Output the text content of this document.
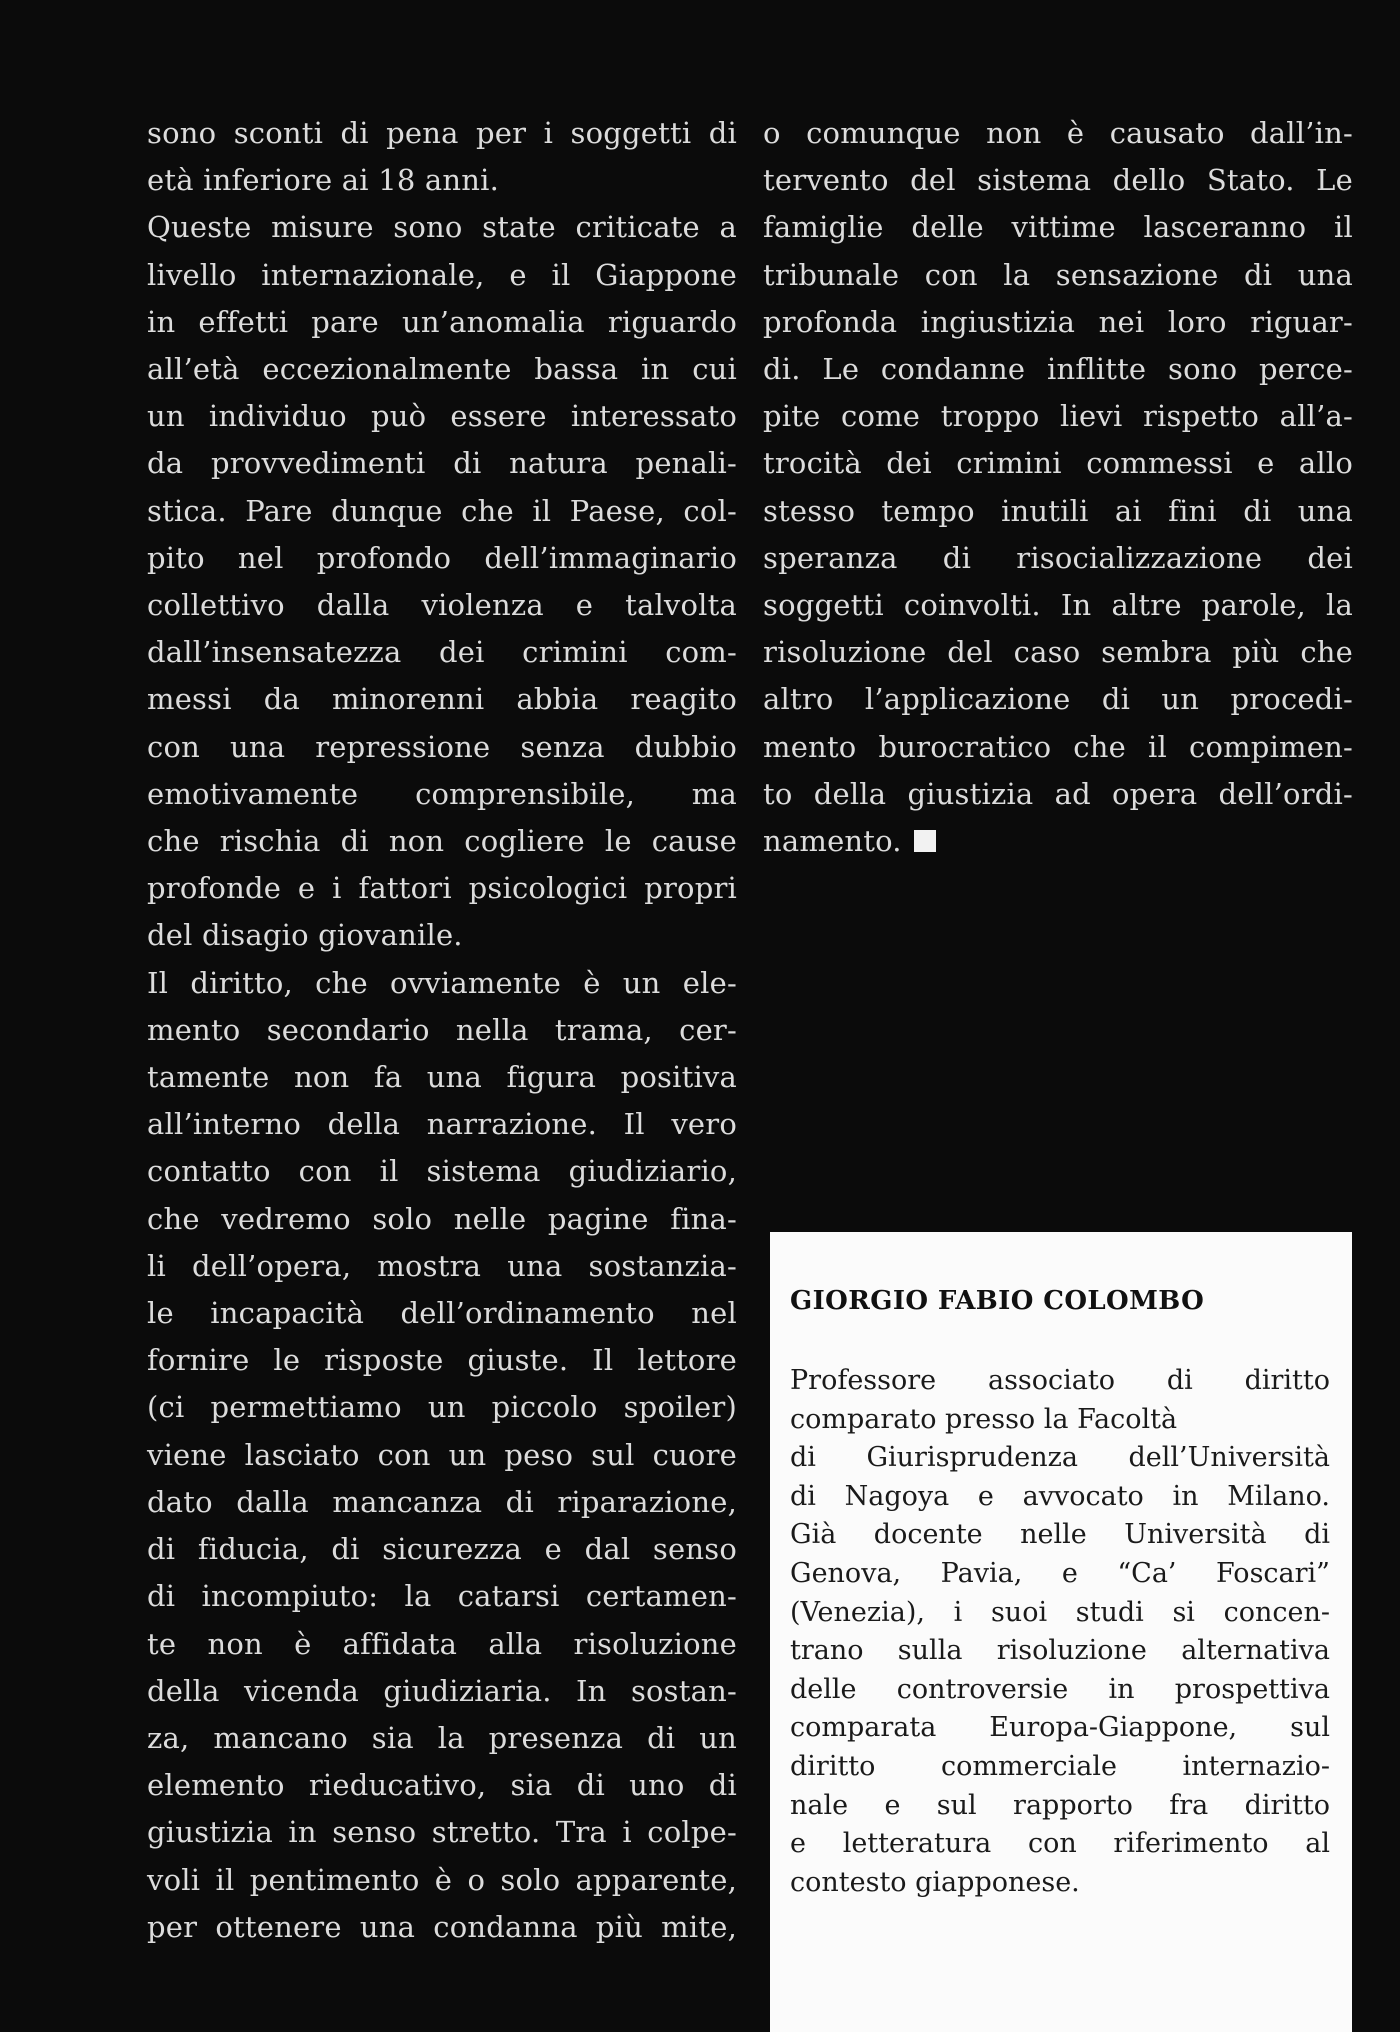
sono sconti di pena per i soggetti di
età inferiore ai 18 anni.
Queste misure sono state criticate a
livello internazionale, e il Giappone
in effetti pare un’anomalia riguardo
all’età eccezionalmente bassa in cui
un individuo può essere interessato
da provvedimenti di natura penali-
stica. Pare dunque che il Paese, col-
pito nel profondo dell’immaginario
collettivo dalla violenza e talvolta
dall’insensatezza dei crimini com-
messi da minorenni abbia reagito
con una repressione senza dubbio
emotivamente comprensibile, ma
che rischia di non cogliere le cause
profonde e i fattori psicologici propri
del disagio giovanile.
Il diritto, che ovviamente è un ele-
mento secondario nella trama, cer-
tamente non fa una figura positiva
all’interno della narrazione. Il vero
contatto con il sistema giudiziario,
che vedremo solo nelle pagine fina-
li dell’opera, mostra una sostanzia-
le incapacità dell’ordinamento nel
fornire le risposte giuste. Il lettore
(ci permettiamo un piccolo spoiler)
viene lasciato con un peso sul cuore
dato dalla mancanza di riparazione,
di fiducia, di sicurezza e dal senso
di incompiuto: la catarsi certamen-
te non è affidata alla risoluzione
della vicenda giudiziaria. In sostan-
za, mancano sia la presenza di un
elemento rieducativo, sia di uno di
giustizia in senso stretto. Tra i colpe-
voli il pentimento è o solo apparente,
per ottenere una condanna più mite,
o comunque non è causato dall’in-
tervento del sistema dello Stato. Le
famiglie delle vittime lasceranno il
tribunale con la sensazione di una
profonda ingiustizia nei loro riguar-
di. Le condanne inflitte sono perce-
pite come troppo lievi rispetto all’a-
trocità dei crimini commessi e allo
stesso tempo inutili ai fini di una
speranza di risocializzazione dei
soggetti coinvolti. In altre parole, la
risoluzione del caso sembra più che
altro l’applicazione di un procedi-
mento burocratico che il compimen-
to della giustizia ad opera dell’ordi-
namento.
GIORGIO FABIO COLOMBO
Professore associato di diritto
comparato presso la Facoltà
di Giurisprudenza dell’Università
di Nagoya e avvocato in Milano.
Già docente nelle Università di
Genova, Pavia, e “Ca’ Foscari”
(Venezia), i suoi studi si concen-
trano sulla risoluzione alternativa
delle controversie in prospettiva
comparata Europa-Giappone, sul
diritto commerciale internazio-
nale e sul rapporto fra diritto
e letteratura con riferimento al
contesto giapponese.
